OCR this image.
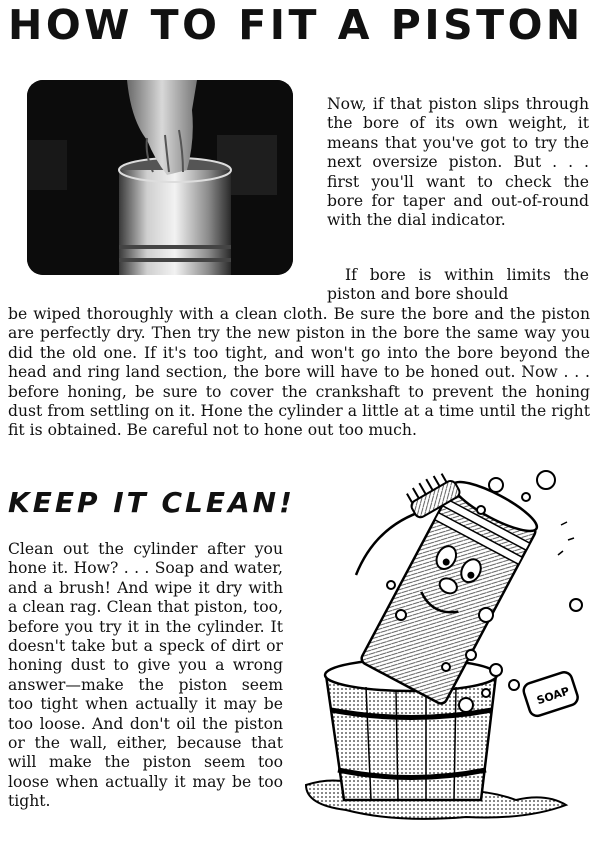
HOW TO FIT A PISTON

Now, if that piston slips through the bore of its own weight, it means that you've got to try the next oversize piston. But . . . first you'll want to check the bore for taper and out-of-round with the dial indicator.

If bore is within limits the piston and bore should

be wiped thoroughly with a clean cloth. Be sure the bore and the piston are perfectly dry. Then try the new piston in the bore the same way you did the old one. If it's too tight, and won't go into the bore beyond the head and ring land section, the bore will have to be honed out. Now . . . before honing, be sure to cover the crankshaft to prevent the honing dust from settling on it. Hone the cylinder a little at a time until the right fit is obtained. Be careful not to hone out too much.

KEEP IT CLEAN!

Clean out the cylinder after you hone it. How? . . . Soap and water, and a brush! And wipe it dry with a clean rag. Clean that piston, too, before you try it in the cylinder. It doesn't take but a speck of dirt or honing dust to give you a wrong answer—make the piston seem too tight when actually it may be too loose. And don't oil the piston or the wall, either, because that will make the piston seem too loose when actually it may be too tight.

SOAP
